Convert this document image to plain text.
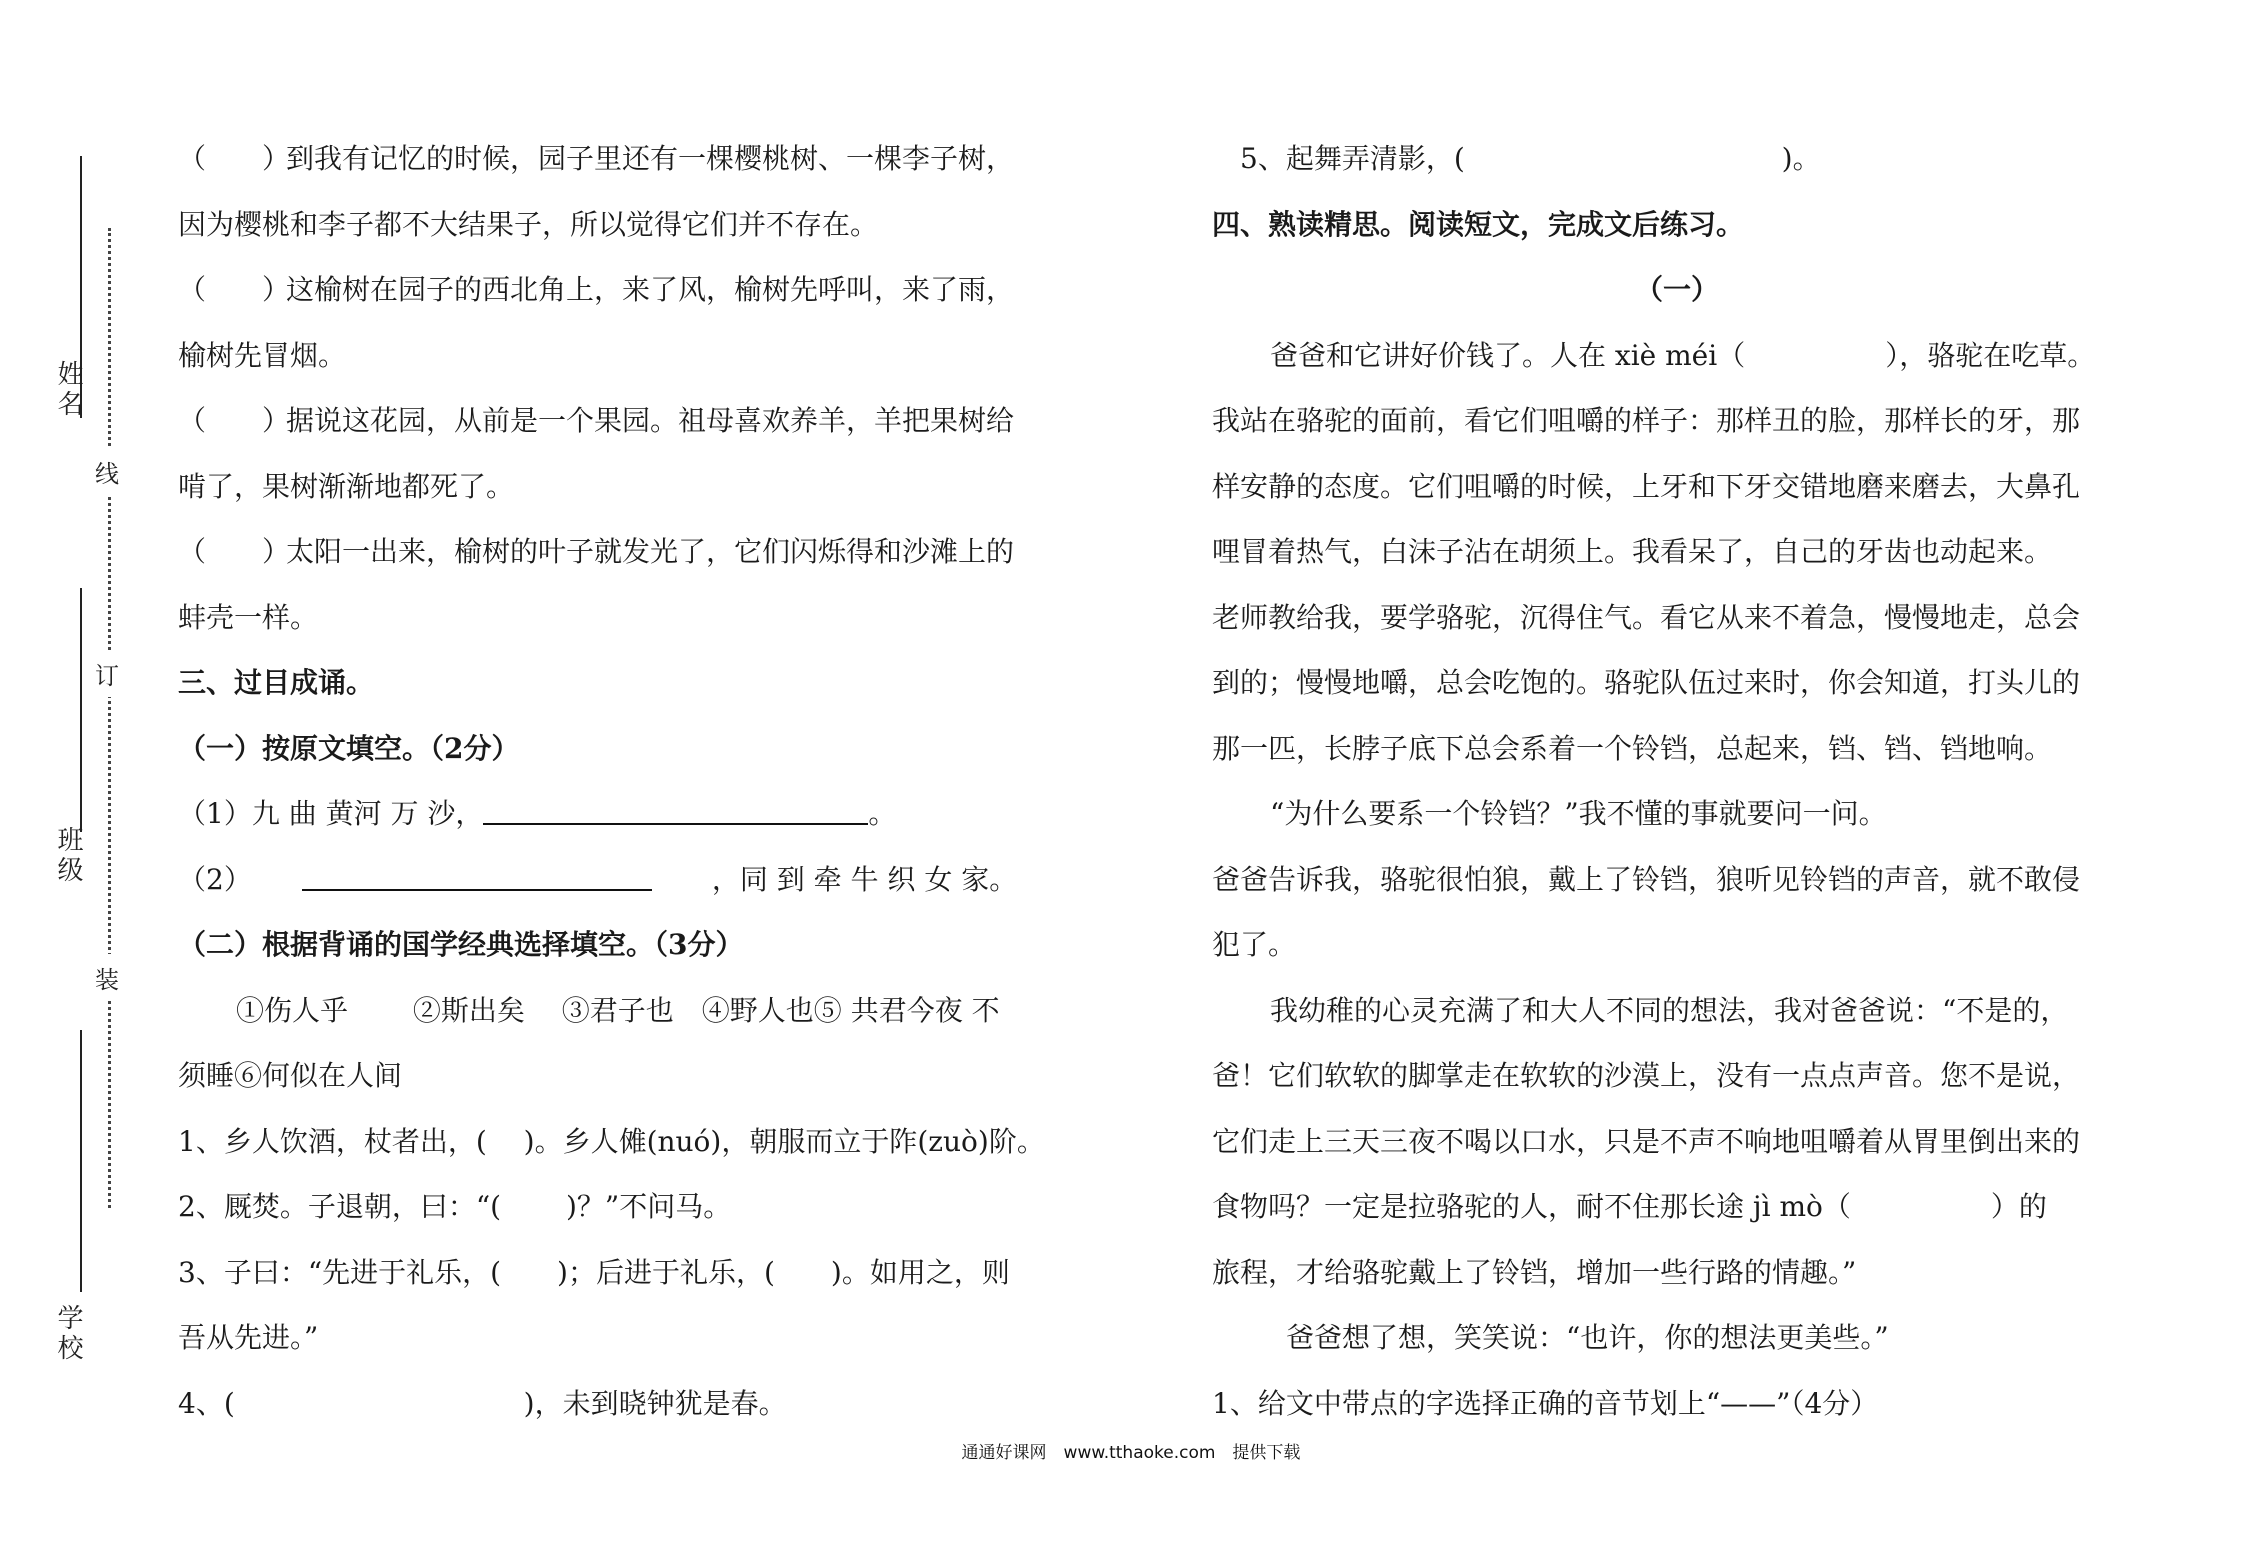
姓名
班级
学校
线
订
装
（　　）到我有记忆的时候，园子里还有一棵樱桃树、一棵李子树，
因为樱桃和李子都不大结果子，所以觉得它们并不存在。
（　　）这榆树在园子的西北角上，来了风，榆树先呼叫，来了雨，
榆树先冒烟。
（　　）据说这花园，从前是一个果园。祖母喜欢养羊，羊把果树给
啃了，果树渐渐地都死了。
（　　）太阳一出来，榆树的叶子就发光了，它们闪烁得和沙滩上的
蚌壳一样。
三、过目成诵。
（一）按原文填空。（2分）
（1）九 曲 黄河 万 沙，	。
（2）	，同 到 牵 牛 织 女 家。
（二）根据背诵的国学经典选择填空。（3分）
①伤人乎　　 ②斯出矣　 ③君子也　④野人也⑤ 共君今夜 不
须睡⑥何似在人间
1、乡人饮酒，杖者出，(　 )。乡人傩(nuó)，朝服而立于阼(zuò)阶。
2、厩焚。子退朝，曰：“(　　 )？”不问马。
3、子曰：“先进于礼乐，(　　)；后进于礼乐，(　　)。如用之，则
吾从先进。”
4、(　　　　　　　　　　 )，未到晓钟犹是春。
5、起舞弄清影，(　　　　　　　　　　　 )。
四、熟读精思。阅读短文，完成文后练习。
（一）
爸爸和它讲好价钱了。人在 xiè méi（　　　　　），骆驼在吃草。
我站在骆驼的面前，看它们咀嚼的样子：那样丑的脸，那样长的牙，那
样安静的态度。它们咀嚼的时候，上牙和下牙交错地磨来磨去，大鼻孔
哩冒着热气，白沫子沾在胡须上。我看呆了，自己的牙齿也动起来。
老师教给我，要学骆驼，沉得住气。看它从来不着急，慢慢地走，总会
到的；慢慢地嚼，总会吃饱的。骆驼队伍过来时，你会知道，打头儿的
那一匹，长脖子底下总会系着一个铃铛，总起来，铛、铛、铛地响。
“为什么要系一个铃铛？”我不懂的事就要问一问。
爸爸告诉我，骆驼很怕狼，戴上了铃铛，狼听见铃铛的声音，就不敢侵
犯了。
我幼稚的心灵充满了和大人不同的想法，我对爸爸说：“不是的，
爸！它们软软的脚掌走在软软的沙漠上，没有一点点声音。您不是说，
它们走上三天三夜不喝以口水，只是不声不响地咀嚼着从胃里倒出来的
食物吗？一定是拉骆驼的人，耐不住那长途 jì mò（　　　　　）的
旅程，才给骆驼戴上了铃铛，增加一些行路的情趣。”
爸爸想了想，笑笑说：“也许，你的想法更美些。”
1、给文中带点的字选择正确的音节划上“——”（4分）
通通好课网　www.tthaoke.com　提供下载
